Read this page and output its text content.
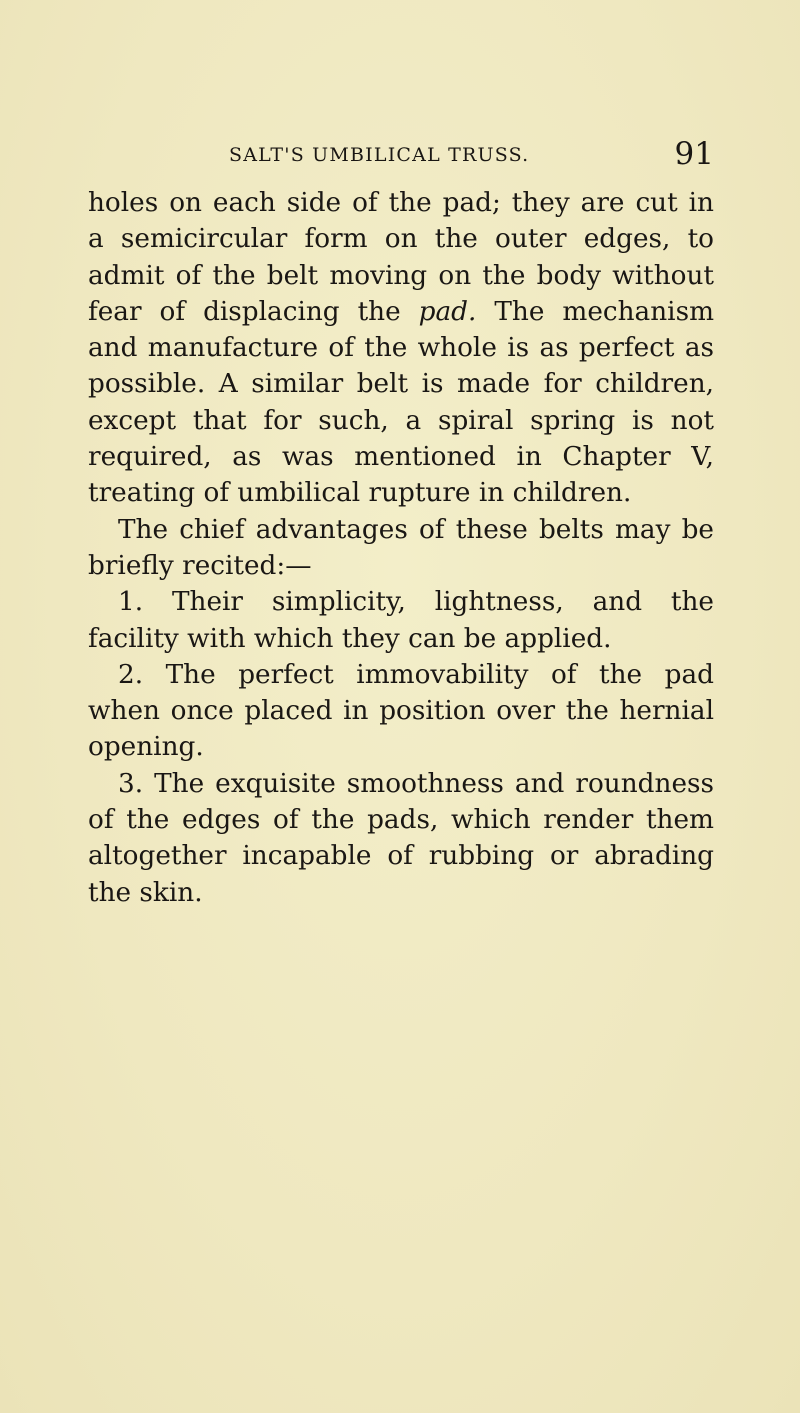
SALT'S UMBILICAL TRUSS.	91
holes on each side of the pad; they are cut in
a semicircular form on the outer edges, to
admit of the belt moving on the body without
fear of displacing the pad. The mechanism
and manufacture of the whole is as perfect as
possible. A similar belt is made for children,
except that for such, a spiral spring is not
required, as was mentioned in Chapter V,
treating of umbilical rupture in children.
The chief advantages of these belts may be
briefly recited:—
1. Their simplicity, lightness, and the
facility with which they can be applied.
2. The perfect immovability of the pad
when once placed in position over the hernial
opening.
3. The exquisite smoothness and roundness
of the edges of the pads, which render them
altogether incapable of rubbing or abrading
the skin.
